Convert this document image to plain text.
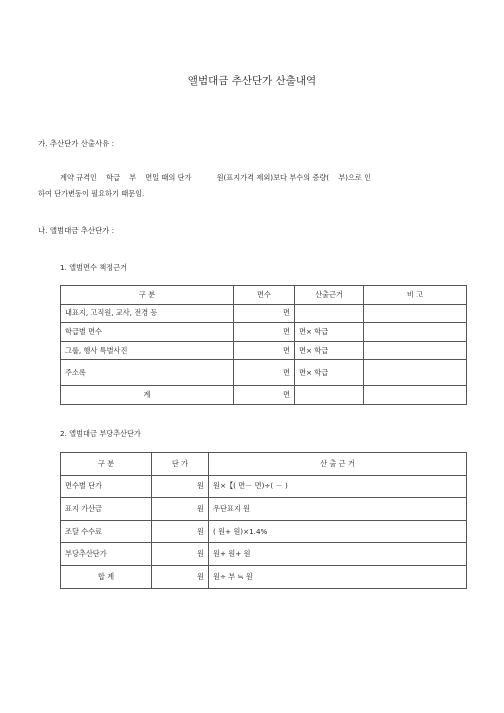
앨범대금 추산단가 산출내역
가. 추산단가 산출사유 :
계약 규격인    학급    부    면일 때의 단가           원(표지가격 제외)보다 부수의 증량(    부)으로 인
하여 단가변동이 필요하기 때문임.
나. 앨범대금 추산단가 :
1. 앨범면수 책정근거
구 분	면수	산출근거	비 고
내표지, 고직원, 교사, 전경 등	면		
학급별 면수	면	면× 학급	
그룹, 행사 특별사진	면	면× 학급	
주소록	면	면× 학급	
계	면		
2. 앨범대금 부당추산단가
구 분	단 가	산 출 근 거
면수별 단가	원	원×【( 면－ 면)÷( － )
표지 가산금	원	우단표지 원
조달 수수료	원	( 원+ 원)×1.4%
부당추산단가	원	원+ 원+ 원
합 계	원	원÷ 부 ≒ 원
